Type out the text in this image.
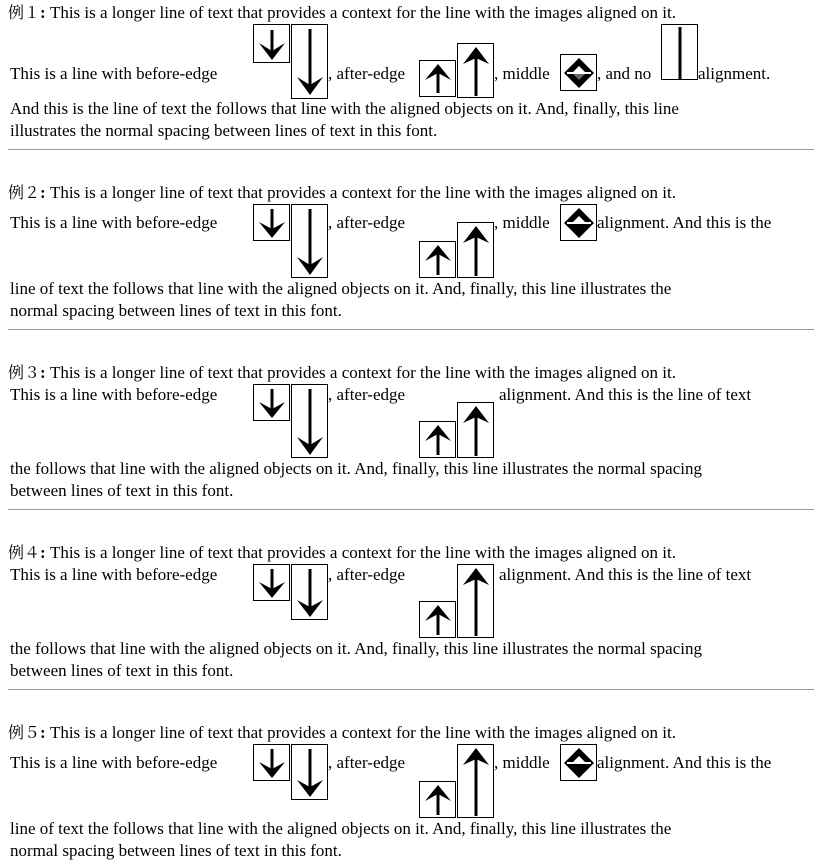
例１: This is a longer line of text that provides a context for the line with the images aligned on it.
This is a line with before-edge	, after-edge	, middle	, and no	alignment.
And this is the line of text the follows that line with the aligned objects on it. And, finally, this line
illustrates the normal spacing between lines of text in this font.
例２: This is a longer line of text that provides a context for the line with the images aligned on it.
This is a line with before-edge	, after-edge	, middle	alignment. And this is the
line of text the follows that line with the aligned objects on it. And, finally, this line illustrates the
normal spacing between lines of text in this font.
例３: This is a longer line of text that provides a context for the line with the images aligned on it.
This is a line with before-edge	, after-edge	alignment. And this is the line of text
the follows that line with the aligned objects on it. And, finally, this line illustrates the normal spacing
between lines of text in this font.
例４: This is a longer line of text that provides a context for the line with the images aligned on it.
This is a line with before-edge	, after-edge	alignment. And this is the line of text
the follows that line with the aligned objects on it. And, finally, this line illustrates the normal spacing
between lines of text in this font.
例５: This is a longer line of text that provides a context for the line with the images aligned on it.
This is a line with before-edge	, after-edge	, middle	alignment. And this is the
line of text the follows that line with the aligned objects on it. And, finally, this line illustrates the
normal spacing between lines of text in this font.
